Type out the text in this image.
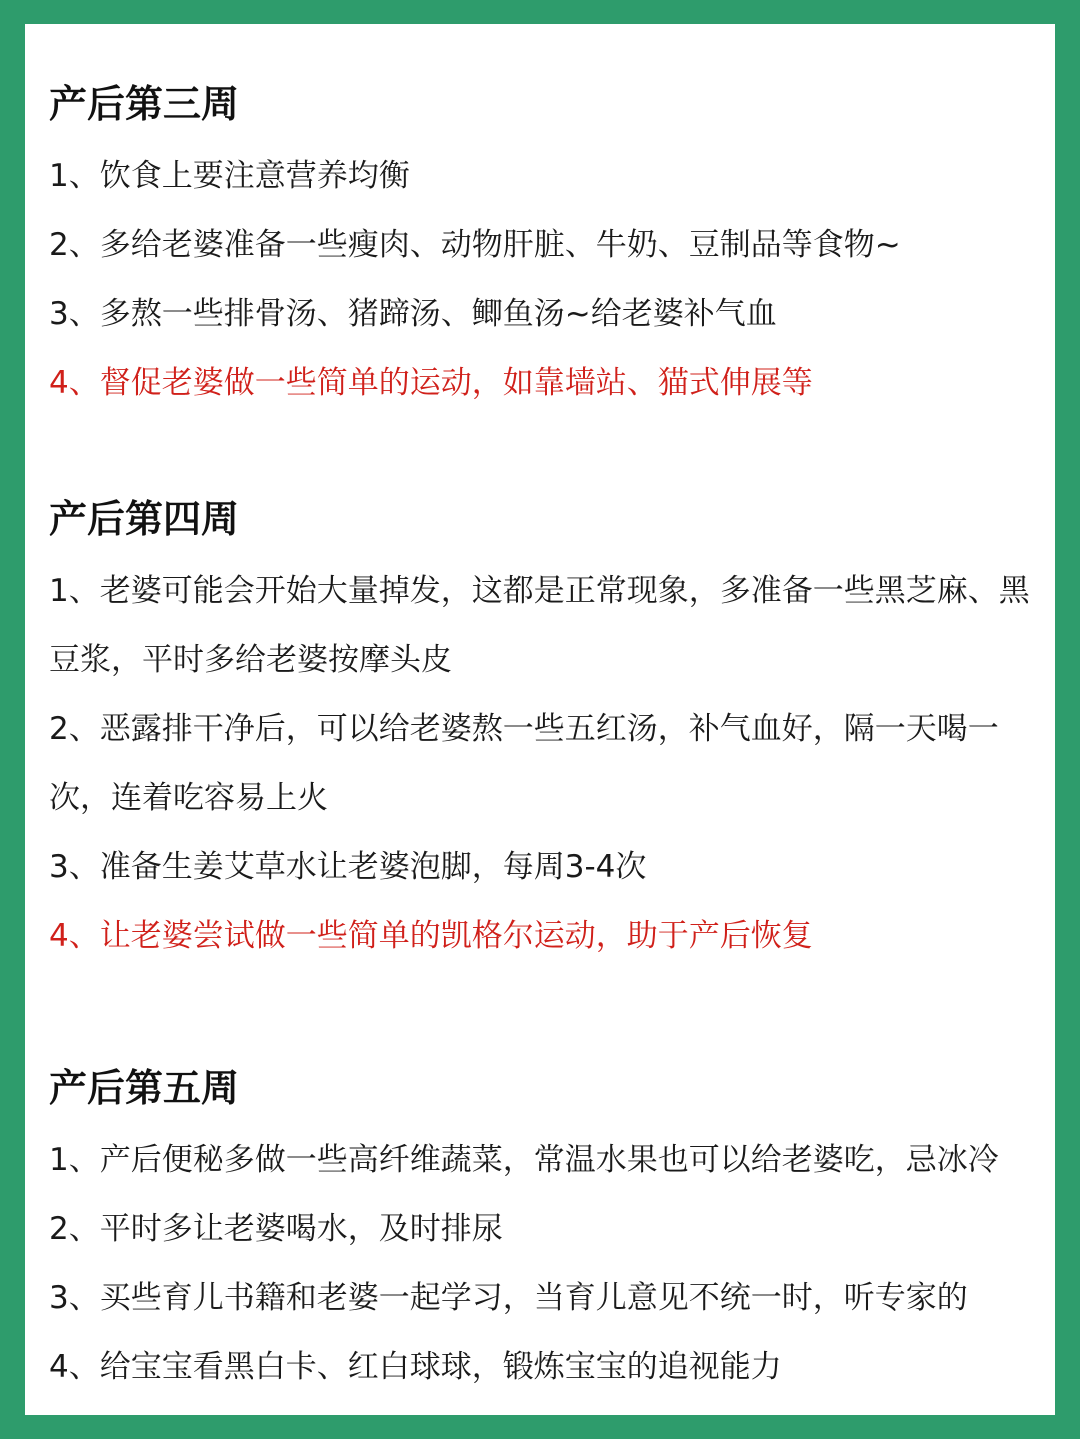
产后第三周

1、饮食上要注意营养均衡

2、多给老婆准备一些瘦肉、动物肝脏、牛奶、豆制品等食物~

3、多熬一些排骨汤、猪蹄汤、鲫鱼汤~给老婆补气血

4、督促老婆做一些简单的运动，如靠墙站、猫式伸展等

产后第四周

1、老婆可能会开始大量掉发，这都是正常现象，多准备一些黑芝麻、黑豆浆，平时多给老婆按摩头皮

2、恶露排干净后，可以给老婆熬一些五红汤，补气血好，隔一天喝一次，连着吃容易上火

3、准备生姜艾草水让老婆泡脚，每周3-4次

4、让老婆尝试做一些简单的凯格尔运动，助于产后恢复

产后第五周

1、产后便秘多做一些高纤维蔬菜，常温水果也可以给老婆吃，忌冰冷

2、平时多让老婆喝水，及时排尿

3、买些育儿书籍和老婆一起学习，当育儿意见不统一时，听专家的

4、给宝宝看黑白卡、红白球球，锻炼宝宝的追视能力
